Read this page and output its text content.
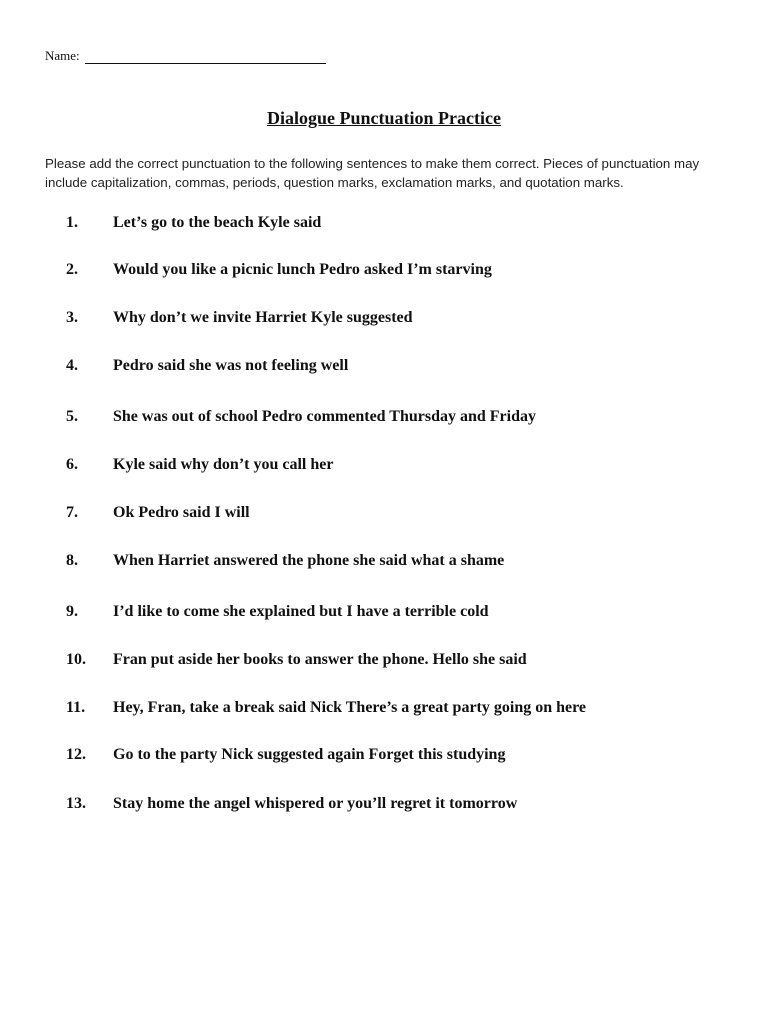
Name:
Dialogue Punctuation Practice
Please add the correct punctuation to the following sentences to make them correct. Pieces of punctuation may include capitalization, commas, periods, question marks, exclamation marks, and quotation marks.
1.	Let’s go to the beach Kyle said
2.	Would you like a picnic lunch Pedro asked I’m starving
3.	Why don’t we invite Harriet Kyle suggested
4.	Pedro said she was not feeling well
5.	She was out of school Pedro commented Thursday and Friday
6.	Kyle said why don’t you call her
7.	Ok Pedro said I will
8.	When Harriet answered the phone she said what a shame
9.	I’d like to come she explained but I have a terrible cold
10.	Fran put aside her books to answer the phone. Hello she said
11.	Hey, Fran, take a break said Nick There’s a great party going on here
12.	Go to the party Nick suggested again Forget this studying
13.	Stay home the angel whispered or you’ll regret it tomorrow
